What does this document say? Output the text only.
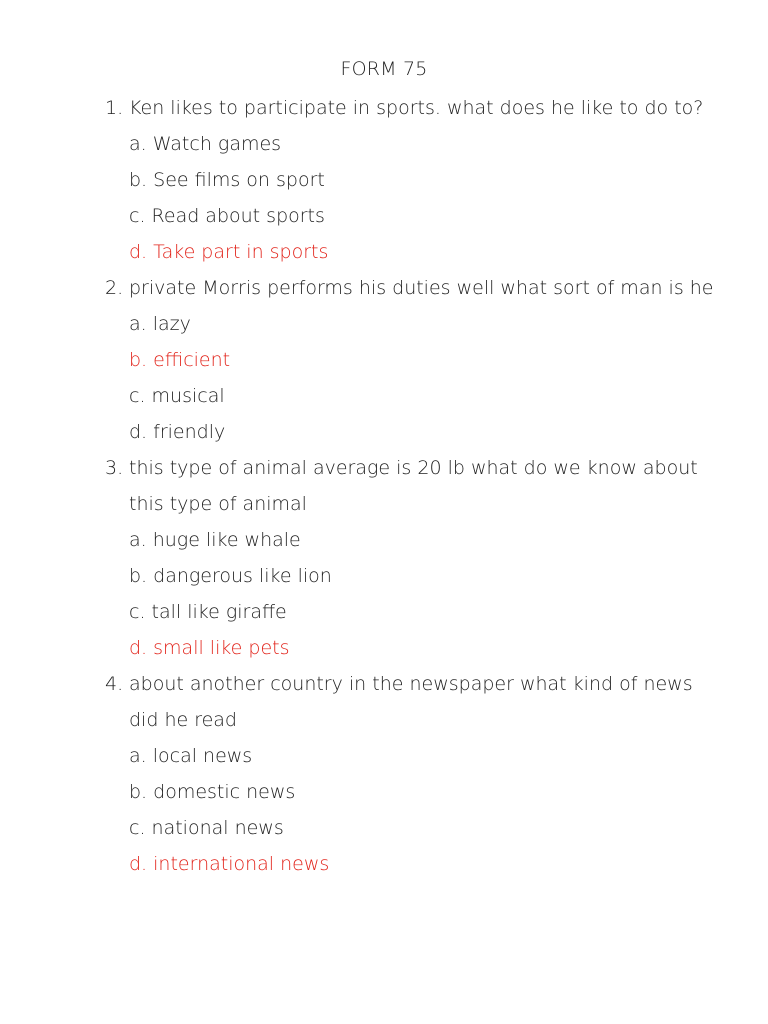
FORM 75
1. Ken likes to participate in sports. what does he like to do to?
a. Watch games
b. See films on sport
c. Read about sports
d. Take part in sports
2. private Morris performs his duties well what sort of man is he
a. lazy
b. efficient
c. musical
d. friendly
3. this type of animal average is 20 lb what do we know about this type of animal
a. huge like whale
b. dangerous like lion
c. tall like giraffe
d. small like pets
4. about another country in the newspaper what kind of news did he read
a. local news
b. domestic news
c. national news
d. international news
